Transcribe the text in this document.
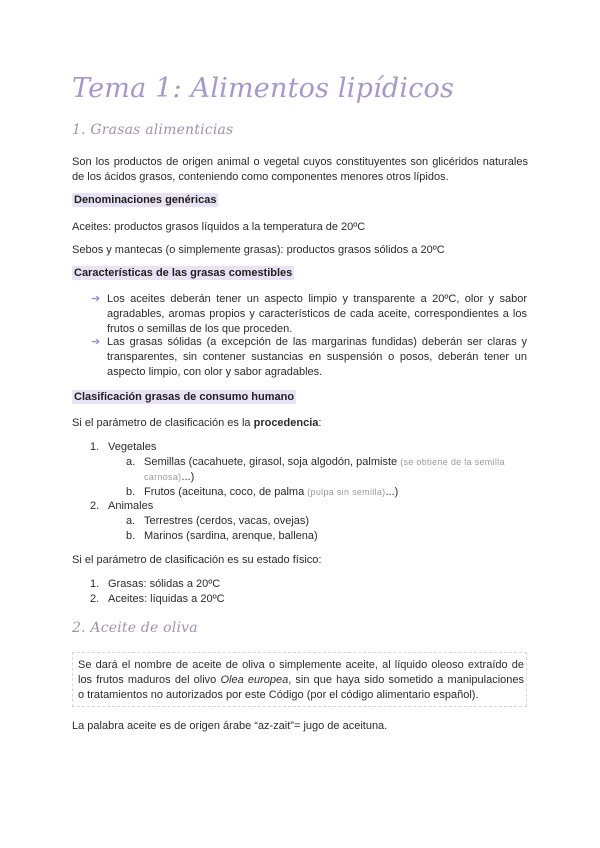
Tema 1: Alimentos lipídicos
1. Grasas alimenticias
Son los productos de origen animal o vegetal cuyos constituyentes son glicéridos naturales
de los ácidos grasos, conteniendo como componentes menores otros lípidos.
Denominaciones genéricas
Aceites: productos grasos líquidos a la temperatura de 20ºC
Sebos y mantecas (o simplemente grasas): productos grasos sólidos a 20ºC
Características de las grasas comestibles
➔ Los aceites deberán tener un aspecto limpio y transparente a 20ºC, olor y sabor
agradables, aromas propios y característicos de cada aceite, correspondientes a los
frutos o semillas de los que proceden.
➔ Las grasas sólidas (a excepción de las margarinas fundidas) deberán ser claras y
transparentes, sin contener sustancias en suspensión o posos, deberán tener un
aspecto limpio, con olor y sabor agradables.
Clasificación grasas de consumo humano
Si el parámetro de clasificación es la procedencia:
1. Vegetales
a. Semillas (cacahuete, girasol, soja algodón, palmiste (se obtiene de la semilla
carnosa)...)
b. Frutos (aceituna, coco, de palma (pulpa sin semilla)...)
2. Animales
a. Terrestres (cerdos, vacas, ovejas)
b. Marinos (sardina, arenque, ballena)
Si el parámetro de clasificación es su estado físico:
1. Grasas: sólidas a 20ºC
2. Aceites: líquidas a 20ºC
2. Aceite de oliva
Se dará el nombre de aceite de oliva o simplemente aceite, al líquido oleoso extraído de
los frutos maduros del olivo Olea europea, sin que haya sido sometido a manipulaciones
o tratamientos no autorizados por este Código (por el código alimentario español).
La palabra aceite es de origen árabe “az-zait”= jugo de aceituna.
